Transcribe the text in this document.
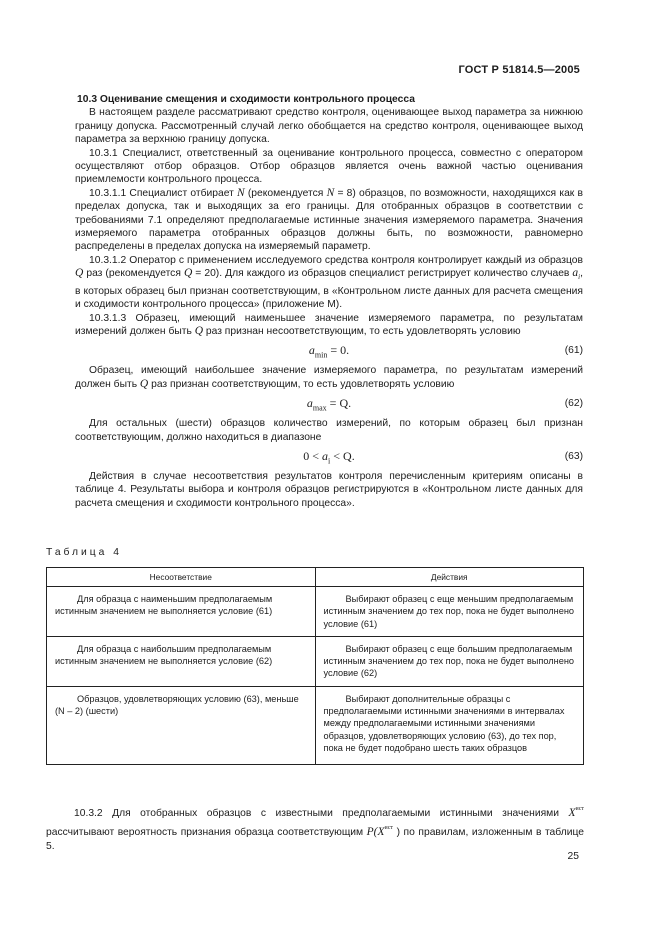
ГОСТ Р 51814.5—2005

10.3 Оценивание смещения и сходимости контрольного процесса

В настоящем разделе рассматривают средство контроля, оценивающее выход параметра за нижнюю границу допуска. Рассмотренный случай легко обобщается на средство контроля, оценивающее выход параметра за верхнюю границу допуска.

10.3.1 Специалист, ответственный за оценивание контрольного процесса, совместно с оператором осуществляют отбор образцов. Отбор образцов является очень важной частью оценивания приемлемости контрольного процесса.

10.3.1.1 Специалист отбирает N (рекомендуется N = 8) образцов, по возможности, находящихся как в пределах допуска, так и выходящих за его границы. Для отобранных образцов в соответствии с требованиями 7.1 определяют предполагаемые истинные значения измеряемого параметра. Значения измеряемого параметра отобранных образцов должны быть, по возможности, равномерно распределены в пределах допуска на измеряемый параметр.

10.3.1.2 Оператор с применением исследуемого средства контроля контролирует каждый из образцов Q раз (рекомендуется Q = 20). Для каждого из образцов специалист регистрирует количество случаев $a_i$, в которых образец был признан соответствующим, в «Контрольном листе данных для расчета смещения и сходимости контрольного процесса» (приложение М).

10.3.1.3 Образец, имеющий наименьшее значение измеряемого параметра, по результатам измерений должен быть Q раз признан несоответствующим, то есть удовлетворять условию

$a_{min} = 0$.	(61)

Образец, имеющий наибольшее значение измеряемого параметра, по результатам измерений должен быть Q раз признан соответствующим, то есть удовлетворять условию

$a_{max} = Q$.	(62)

Для остальных (шести) образцов количество измерений, по которым образец был признан соответствующим, должно находиться в диапазоне

$0 < a_i < Q$.	(63)

Действия в случае несоответствия результатов контроля перечисленным критериям описаны в таблице 4. Результаты выбора и контроля образцов регистрируются в «Контрольном листе данных для расчета смещения и сходимости контрольного процесса».

Таблица 4
Несоответствие	Действия

Для образца с наименьшим предполагаемым истинным значением не выполняется условие (61)	Выбирают образец с еще меньшим предполагаемым истинным значением до тех пор, пока не будет выполнено условие (61)

Для образца с наибольшим предполагаемым истинным значением не выполняется условие (62)	Выбирают образец с еще большим предполагаемым истинным значением до тех пор, пока не будет выполнено условие (62)

Образцов, удовлетворяющих условию (63), меньше (N – 2) (шести)	Выбирают дополнительные образцы с предполагаемыми истинными значениями в интервалах между предполагаемыми истинными значениями образцов, удовлетворяющих условию (63), до тех пор, пока не будет подобрано шесть таких образцов

10.3.2 Для отобранных образцов с известными предполагаемыми истинными значениями $X^{ист}$ рассчитывают вероятность признания образца соответствующим $P(X^{ист}$ ) по правилам, изложенным в таблице 5.

25
